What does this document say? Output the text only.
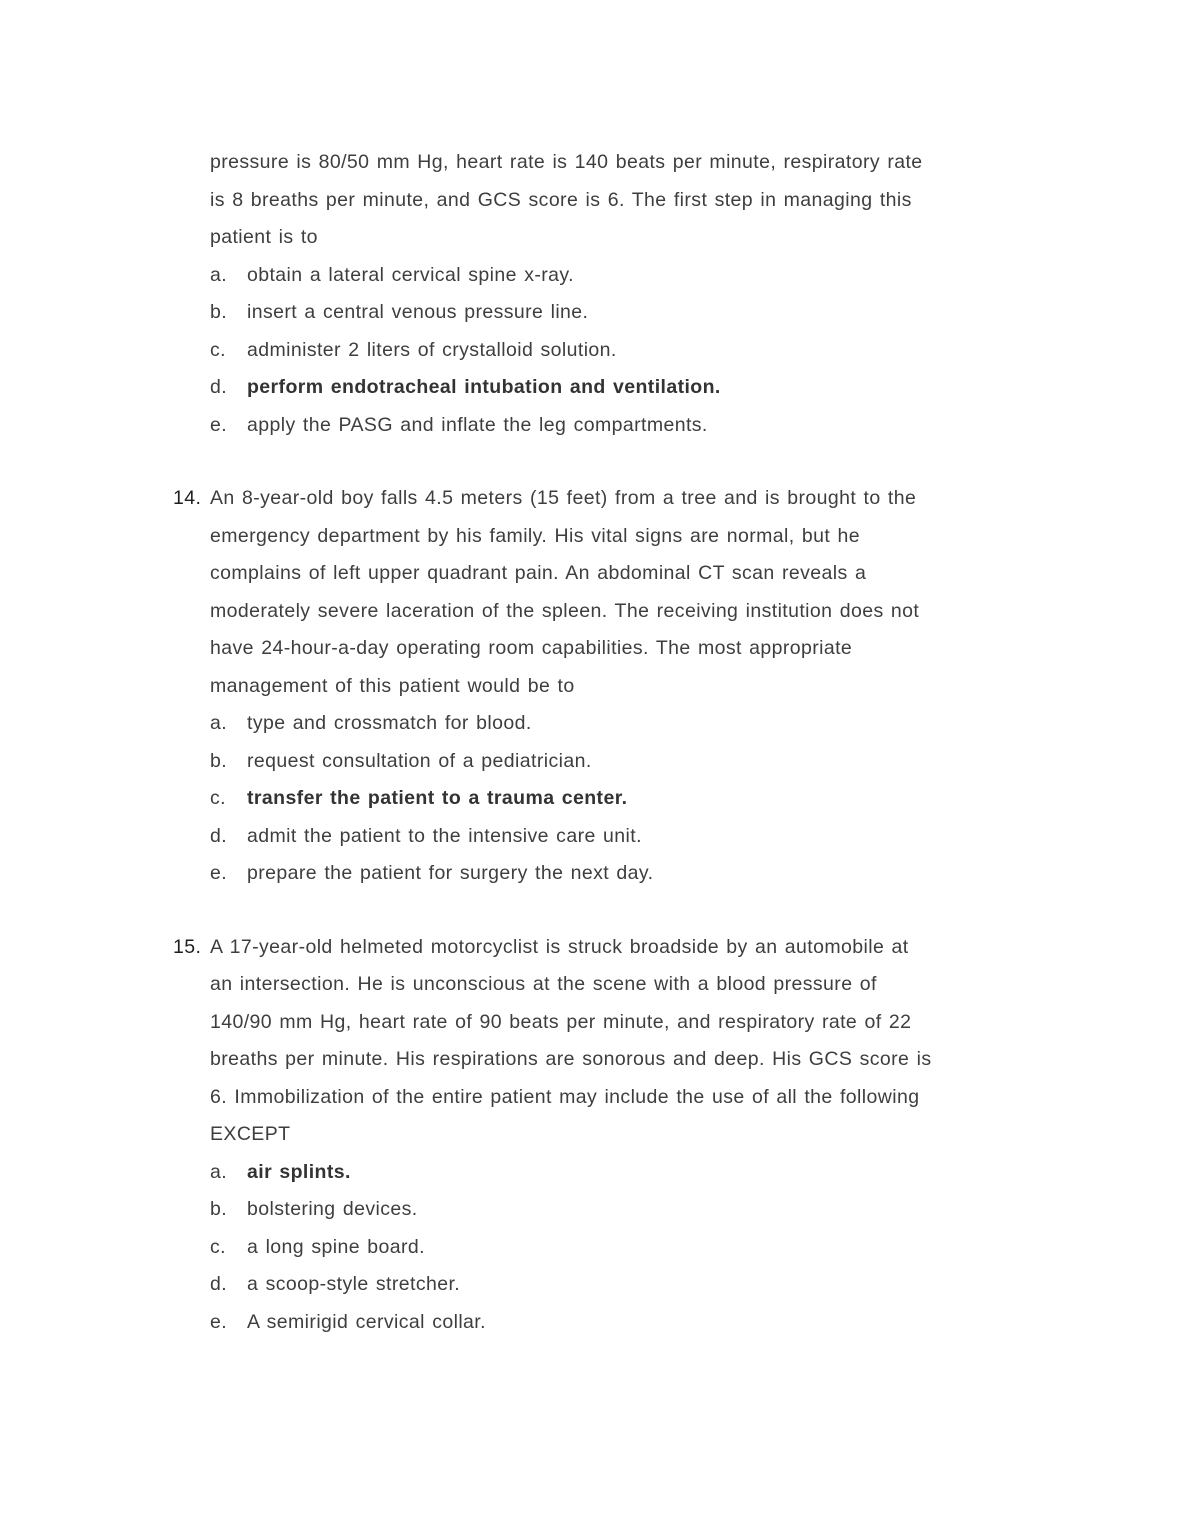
pressure is 80/50 mm Hg, heart rate is 140 beats per minute, respiratory rate
is 8 breaths per minute, and GCS score is 6. The first step in managing this
patient is to
a. obtain a lateral cervical spine x-ray.
b. insert a central venous pressure line.
c. administer 2 liters of crystalloid solution.
d. perform endotracheal intubation and ventilation.
e. apply the PASG and inflate the leg compartments.
14. An 8-year-old boy falls 4.5 meters (15 feet) from a tree and is brought to the
emergency department by his family. His vital signs are normal, but he
complains of left upper quadrant pain. An abdominal CT scan reveals a
moderately severe laceration of the spleen. The receiving institution does not
have 24-hour-a-day operating room capabilities. The most appropriate
management of this patient would be to
a. type and crossmatch for blood.
b. request consultation of a pediatrician.
c. transfer the patient to a trauma center.
d. admit the patient to the intensive care unit.
e. prepare the patient for surgery the next day.
15. A 17-year-old helmeted motorcyclist is struck broadside by an automobile at
an intersection. He is unconscious at the scene with a blood pressure of
140/90 mm Hg, heart rate of 90 beats per minute, and respiratory rate of 22
breaths per minute. His respirations are sonorous and deep. His GCS score is
6. Immobilization of the entire patient may include the use of all the following
EXCEPT
a. air splints.
b. bolstering devices.
c. a long spine board.
d. a scoop-style stretcher.
e. A semirigid cervical collar.
